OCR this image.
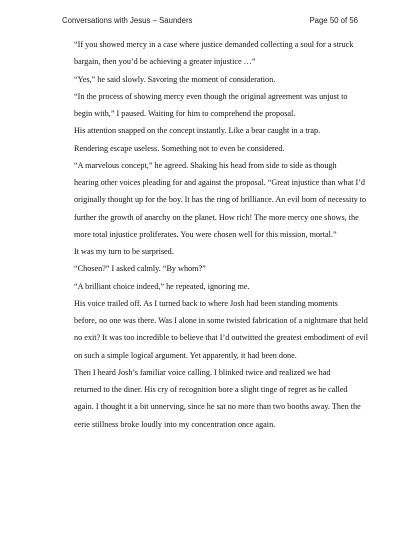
Conversations with Jesus – Saunders	Page 50 of 56

“If you showed mercy in a case where justice demanded collecting a soul for a struck
bargain, then you’d be achieving a greater injustice …”

“Yes,” he said slowly. Savoring the moment of consideration.

“In the process of showing mercy even though the original agreement was unjust to
begin with,” I paused. Waiting for him to comprehend the proposal.

His attention snapped on the concept instantly. Like a bear caught in a trap.
Rendering escape useless. Something not to even be considered.

“A marvelous concept,” he agreed. Shaking his head from side to side as though
hearing other voices pleading for and against the proposal. “Great injustice than what I’d
originally thought up for the boy. It has the ring of brilliance. An evil born of necessity to
further the growth of anarchy on the planet. How rich! The more mercy one shows, the
more total injustice proliferates. You were chosen well for this mission, mortal.”

It was my turn to be surprised.

“Chosen?” I asked calmly. “By whom?”

“A brilliant choice indeed,” he repeated, ignoring me.

His voice trailed off. As I turned back to where Josh had been standing moments
before, no one was there. Was I alone in some twisted fabrication of a nightmare that held
no exit? It was too incredible to believe that I’d outwitted the greatest embodiment of evil
on such a simple logical argument. Yet apparently, it had been done.

Then I heard Josh’s familiar voice calling. I blinked twice and realized we had
returned to the diner. His cry of recognition bore a slight tinge of regret as he called
again. I thought it a bit unnerving, since he sat no more than two booths away. Then the
eerie stillness broke loudly into my concentration once again.
